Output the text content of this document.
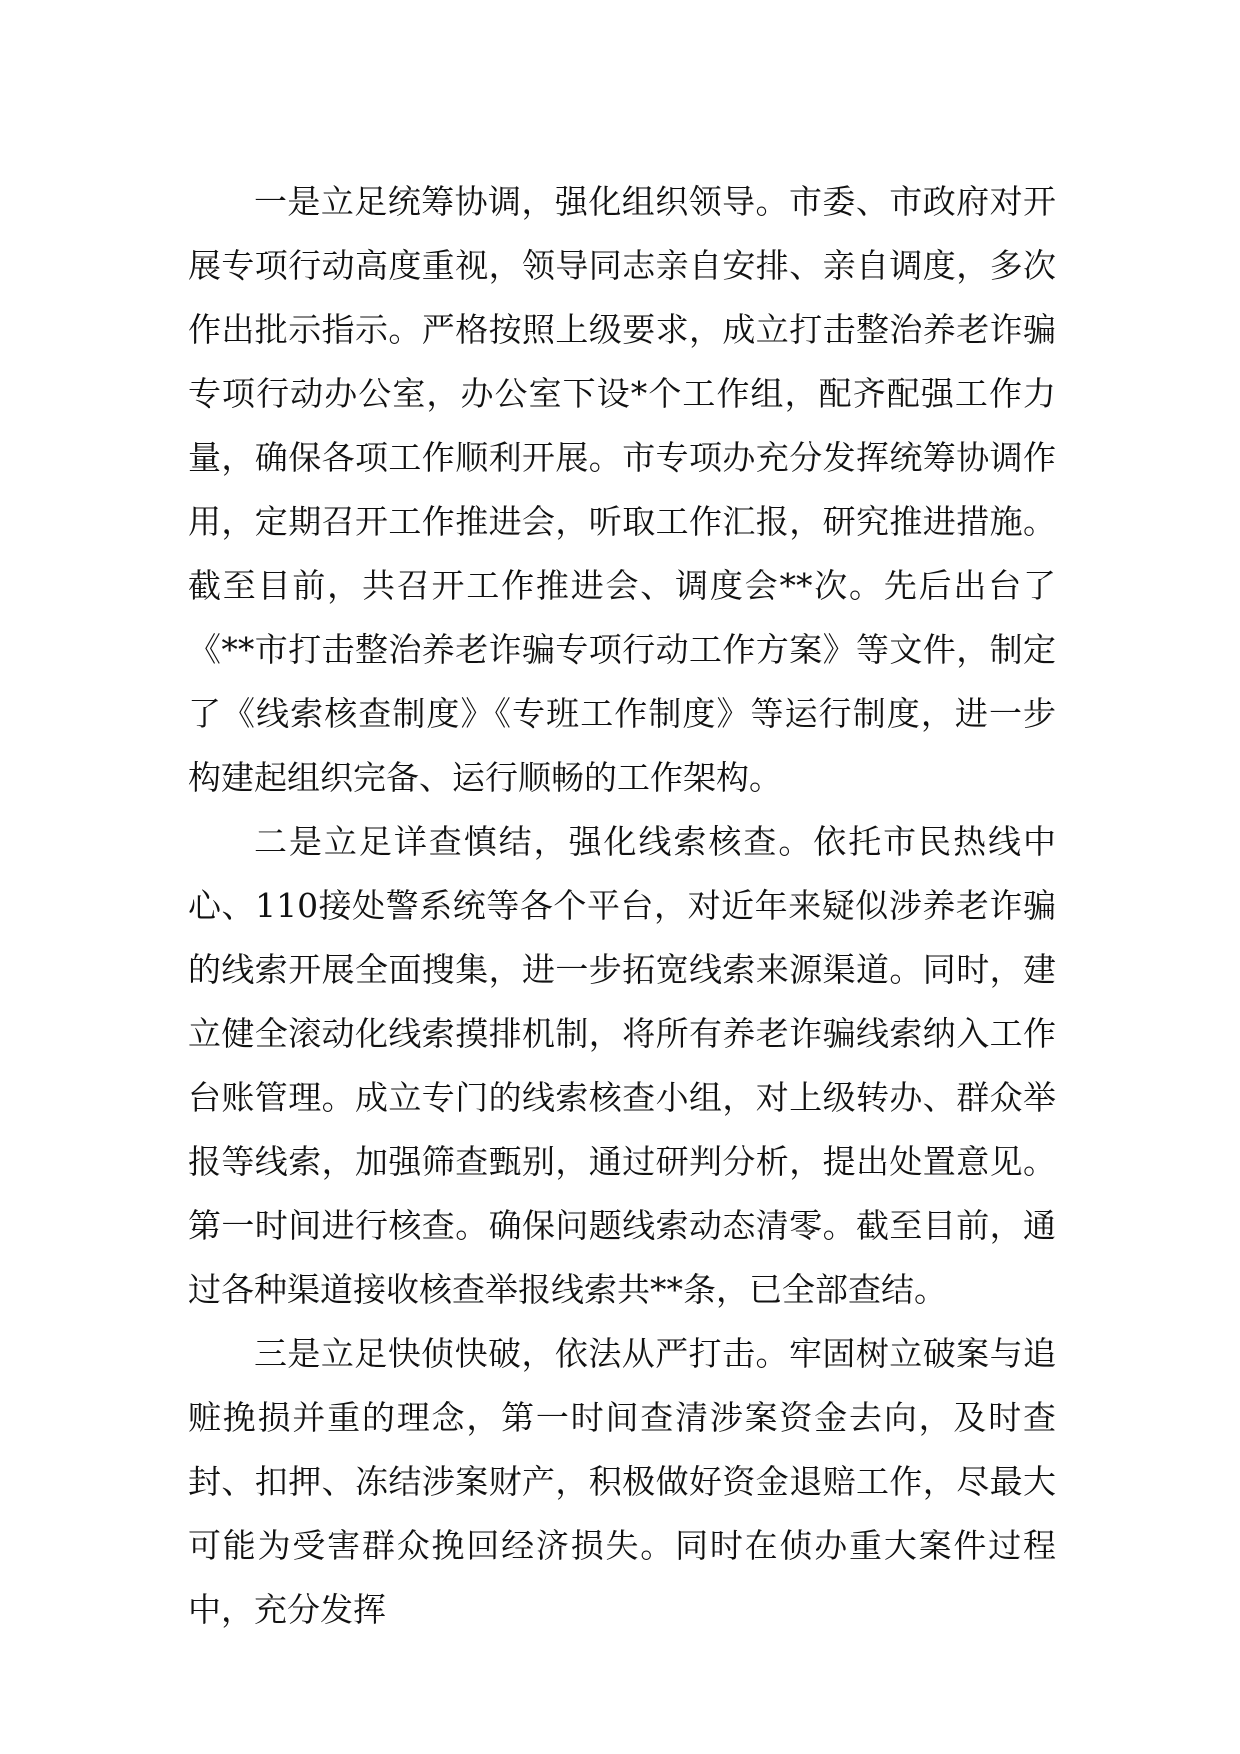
一是立足统筹协调，强化组织领导。市委、市政府对开展专项行动高度重视，领导同志亲自安排、亲自调度，多次作出批示指示。严格按照上级要求，成立打击整治养老诈骗专项行动办公室，办公室下设*个工作组，配齐配强工作力量，确保各项工作顺利开展。市专项办充分发挥统筹协调作用，定期召开工作推进会，听取工作汇报，研究推进措施。截至目前，共召开工作推进会、调度会**次。先后出台了《**市打击整治养老诈骗专项行动工作方案》等文件，制定了《线索核查制度》《专班工作制度》等运行制度，进一步构建起组织完备、运行顺畅的工作架构。

二是立足详查慎结，强化线索核查。依托市民热线中心、110接处警系统等各个平台，对近年来疑似涉养老诈骗的线索开展全面搜集，进一步拓宽线索来源渠道。同时，建立健全滚动化线索摸排机制，将所有养老诈骗线索纳入工作台账管理。成立专门的线索核查小组，对上级转办、群众举报等线索，加强筛查甄别，通过研判分析，提出处置意见。第一时间进行核查。确保问题线索动态清零。截至目前，通过各种渠道接收核查举报线索共**条，已全部查结。

三是立足快侦快破，依法从严打击。牢固树立破案与追赃挽损并重的理念，第一时间查清涉案资金去向，及时查封、扣押、冻结涉案财产，积极做好资金退赔工作，尽最大可能为受害群众挽回经济损失。同时在侦办重大案件过程中，充分发挥
